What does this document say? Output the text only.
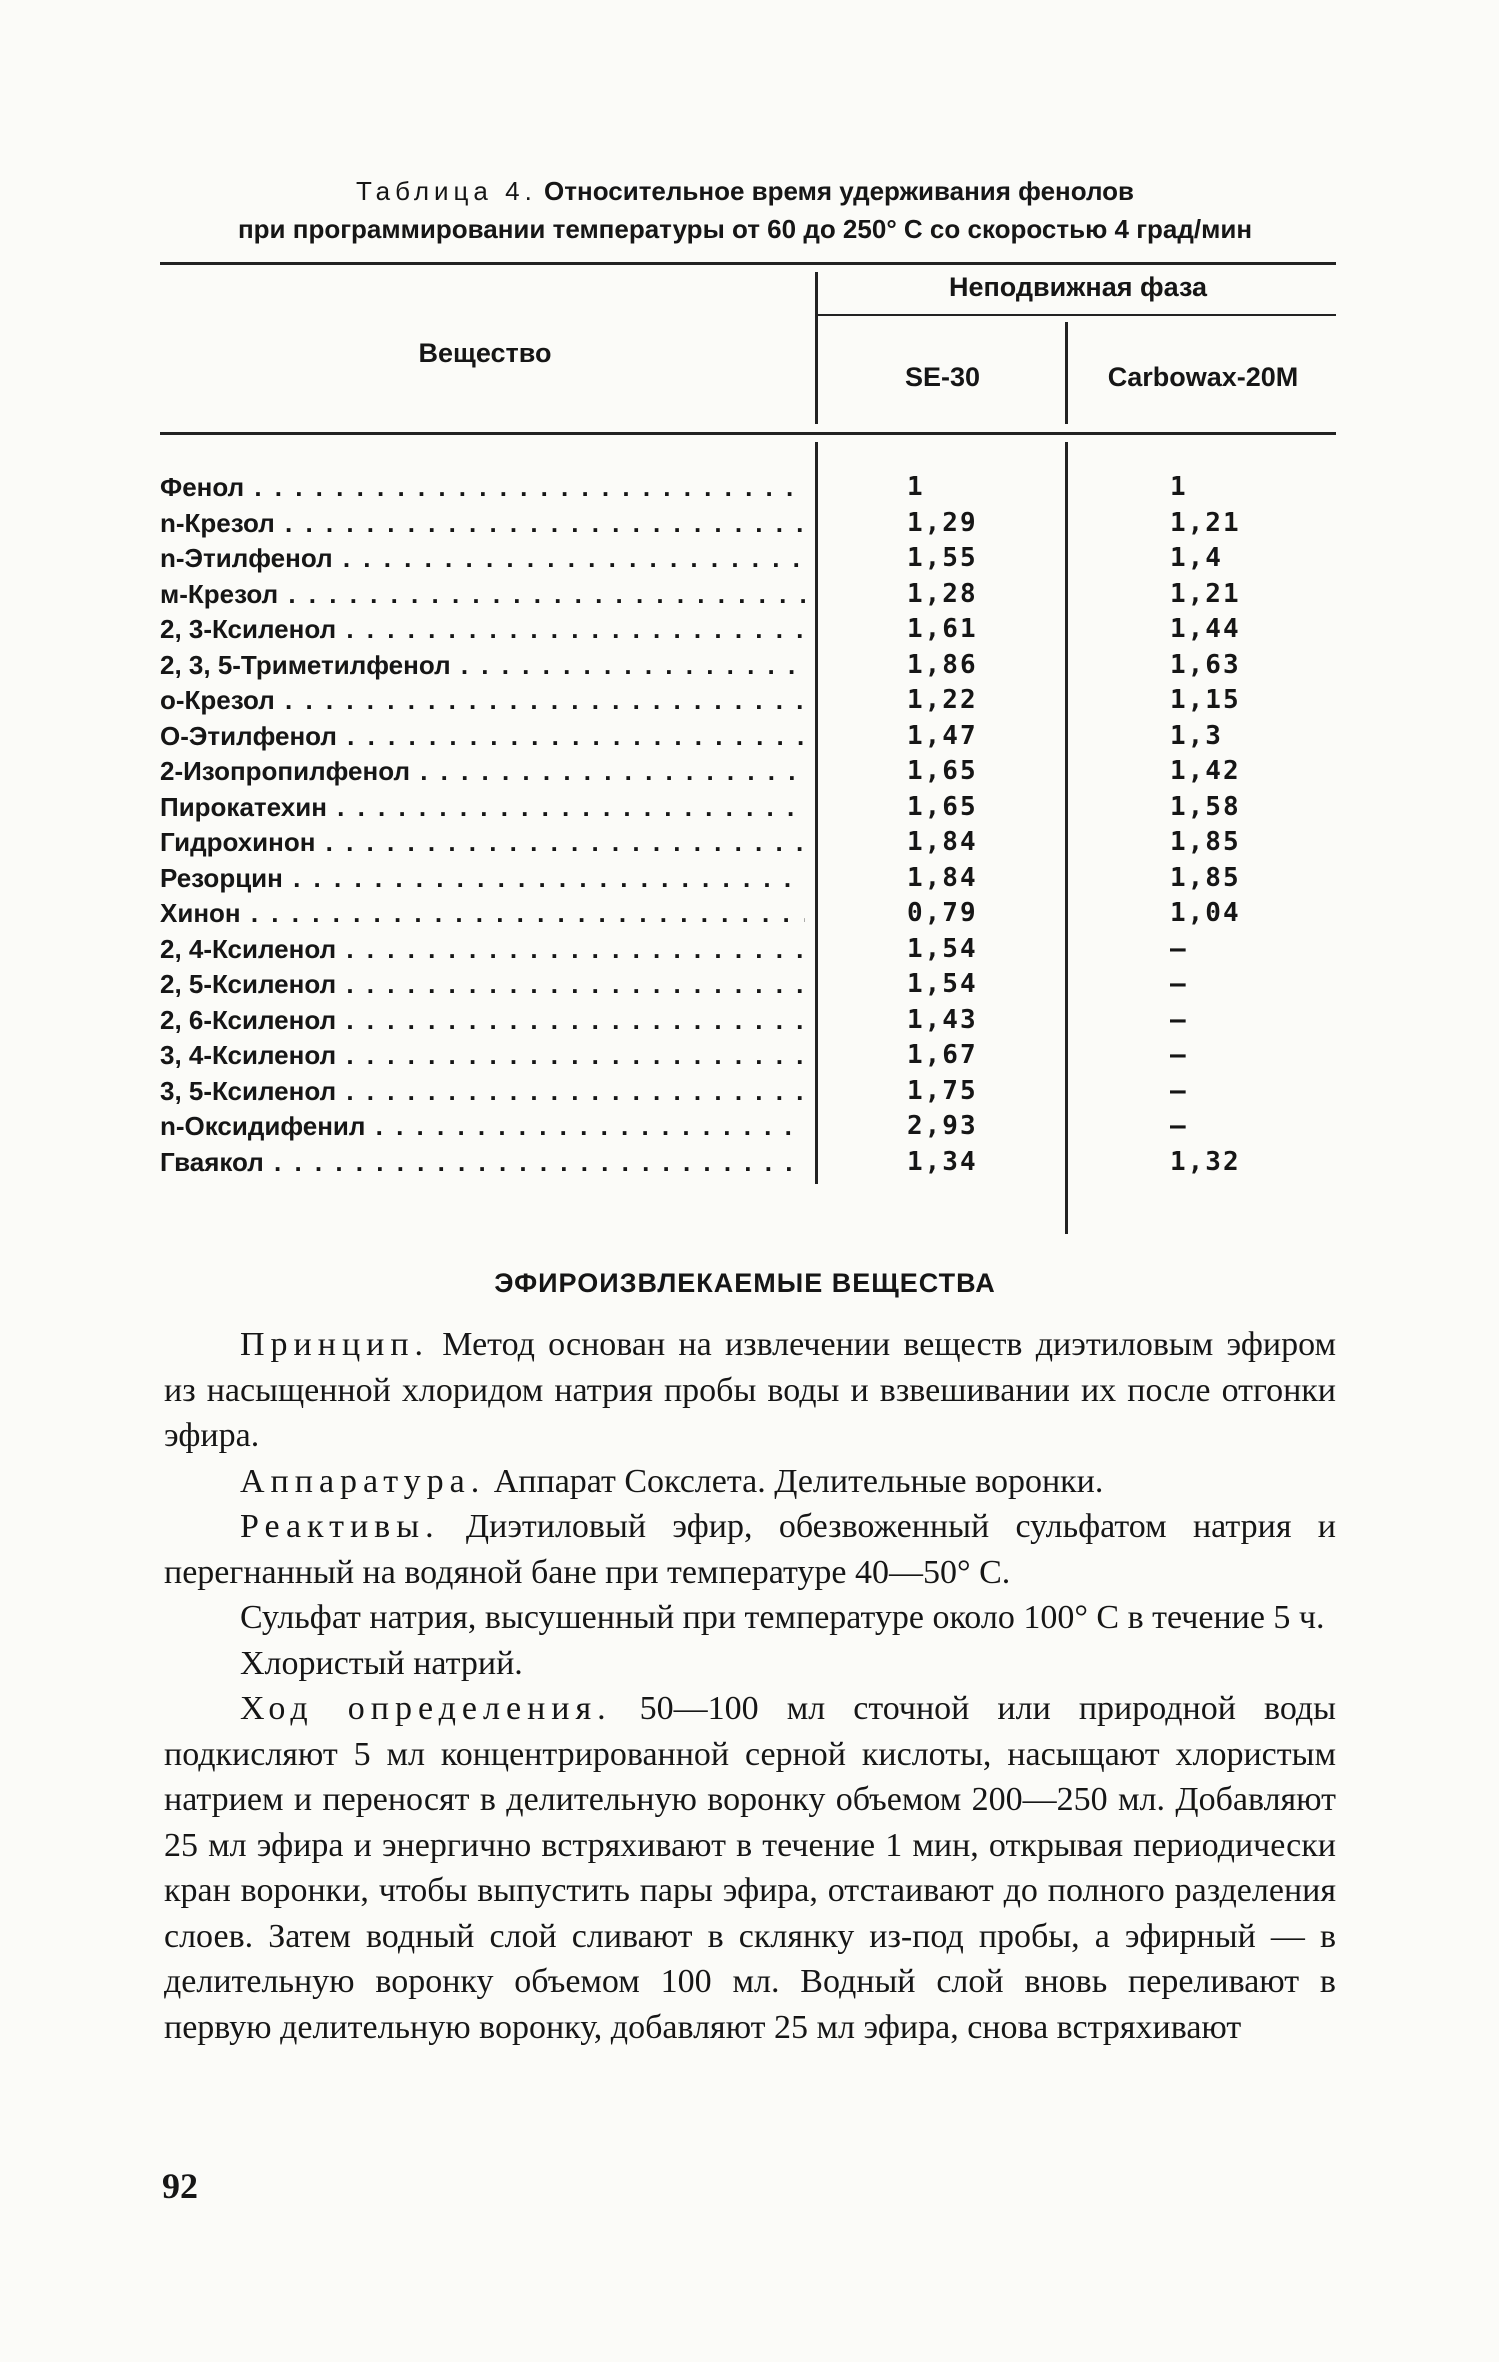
Таблица 4. Относительное время удерживания фенолов
при программировании температуры от 60 до 250° С со скоростью 4 град/мин
Вещество
Неподвижная фаза
SE-30	Carbowax-20M
Фенол . . .	1	1
n-Крезол . . .	1,29	1,21
n-Этилфенол . . .	1,55	1,4
м-Крезол . . .	1,28	1,21
2, 3-Ксиленол . . .	1,61	1,44
2, 3, 5-Триметилфенол . . .	1,86	1,63
о-Крезол . . .	1,22	1,15
О-Этилфенол . . .	1,47	1,3
2-Изопропилфенол . . .	1,65	1,42
Пирокатехин . . .	1,65	1,58
Гидрохинон . . .	1,84	1,85
Резорцин . . .	1,84	1,85
Хинон . . .	0,79	1,04
2, 4-Ксиленол . . .	1,54	—
2, 5-Ксиленол . . .	1,54	—
2, 6-Ксиленол . . .	1,43	—
3, 4-Ксиленол . . .	1,67	—
3, 5-Ксиленол . . .	1,75	—
n-Оксидифенил . . .	2,93	—
Гваякол . . .	1,34	1,32
ЭФИРОИЗВЛЕКАЕМЫЕ ВЕЩЕСТВА

Принцип. Метод основан на извлечении веществ диэтиловым эфиром из насыщенной хлоридом натрия пробы воды и взвешивании их после отгонки эфира.

Аппаратура. Аппарат Сокслета. Делительные воронки.

Реактивы. Диэтиловый эфир, обезвоженный сульфатом натрия и перегнанный на водяной бане при температуре 40—50° С.

Сульфат натрия, высушенный при температуре около 100° С в течение 5 ч.

Хлористый натрий.

Ход определения. 50—100 мл сточной или природной воды подкисляют 5 мл концентрированной серной кислоты, насыщают хлористым натрием и переносят в делительную воронку объемом 200—250 мл. Добавляют 25 мл эфира и энергично встряхивают в течение 1 мин, открывая периодически кран воронки, чтобы выпустить пары эфира, отстаивают до полного разделения слоев. Затем водный слой сливают в склянку из-под пробы, а эфирный — в делительную воронку объемом 100 мл. Водный слой вновь переливают в первую делительную воронку, добавляют 25 мл эфира, снова встряхивают

92
